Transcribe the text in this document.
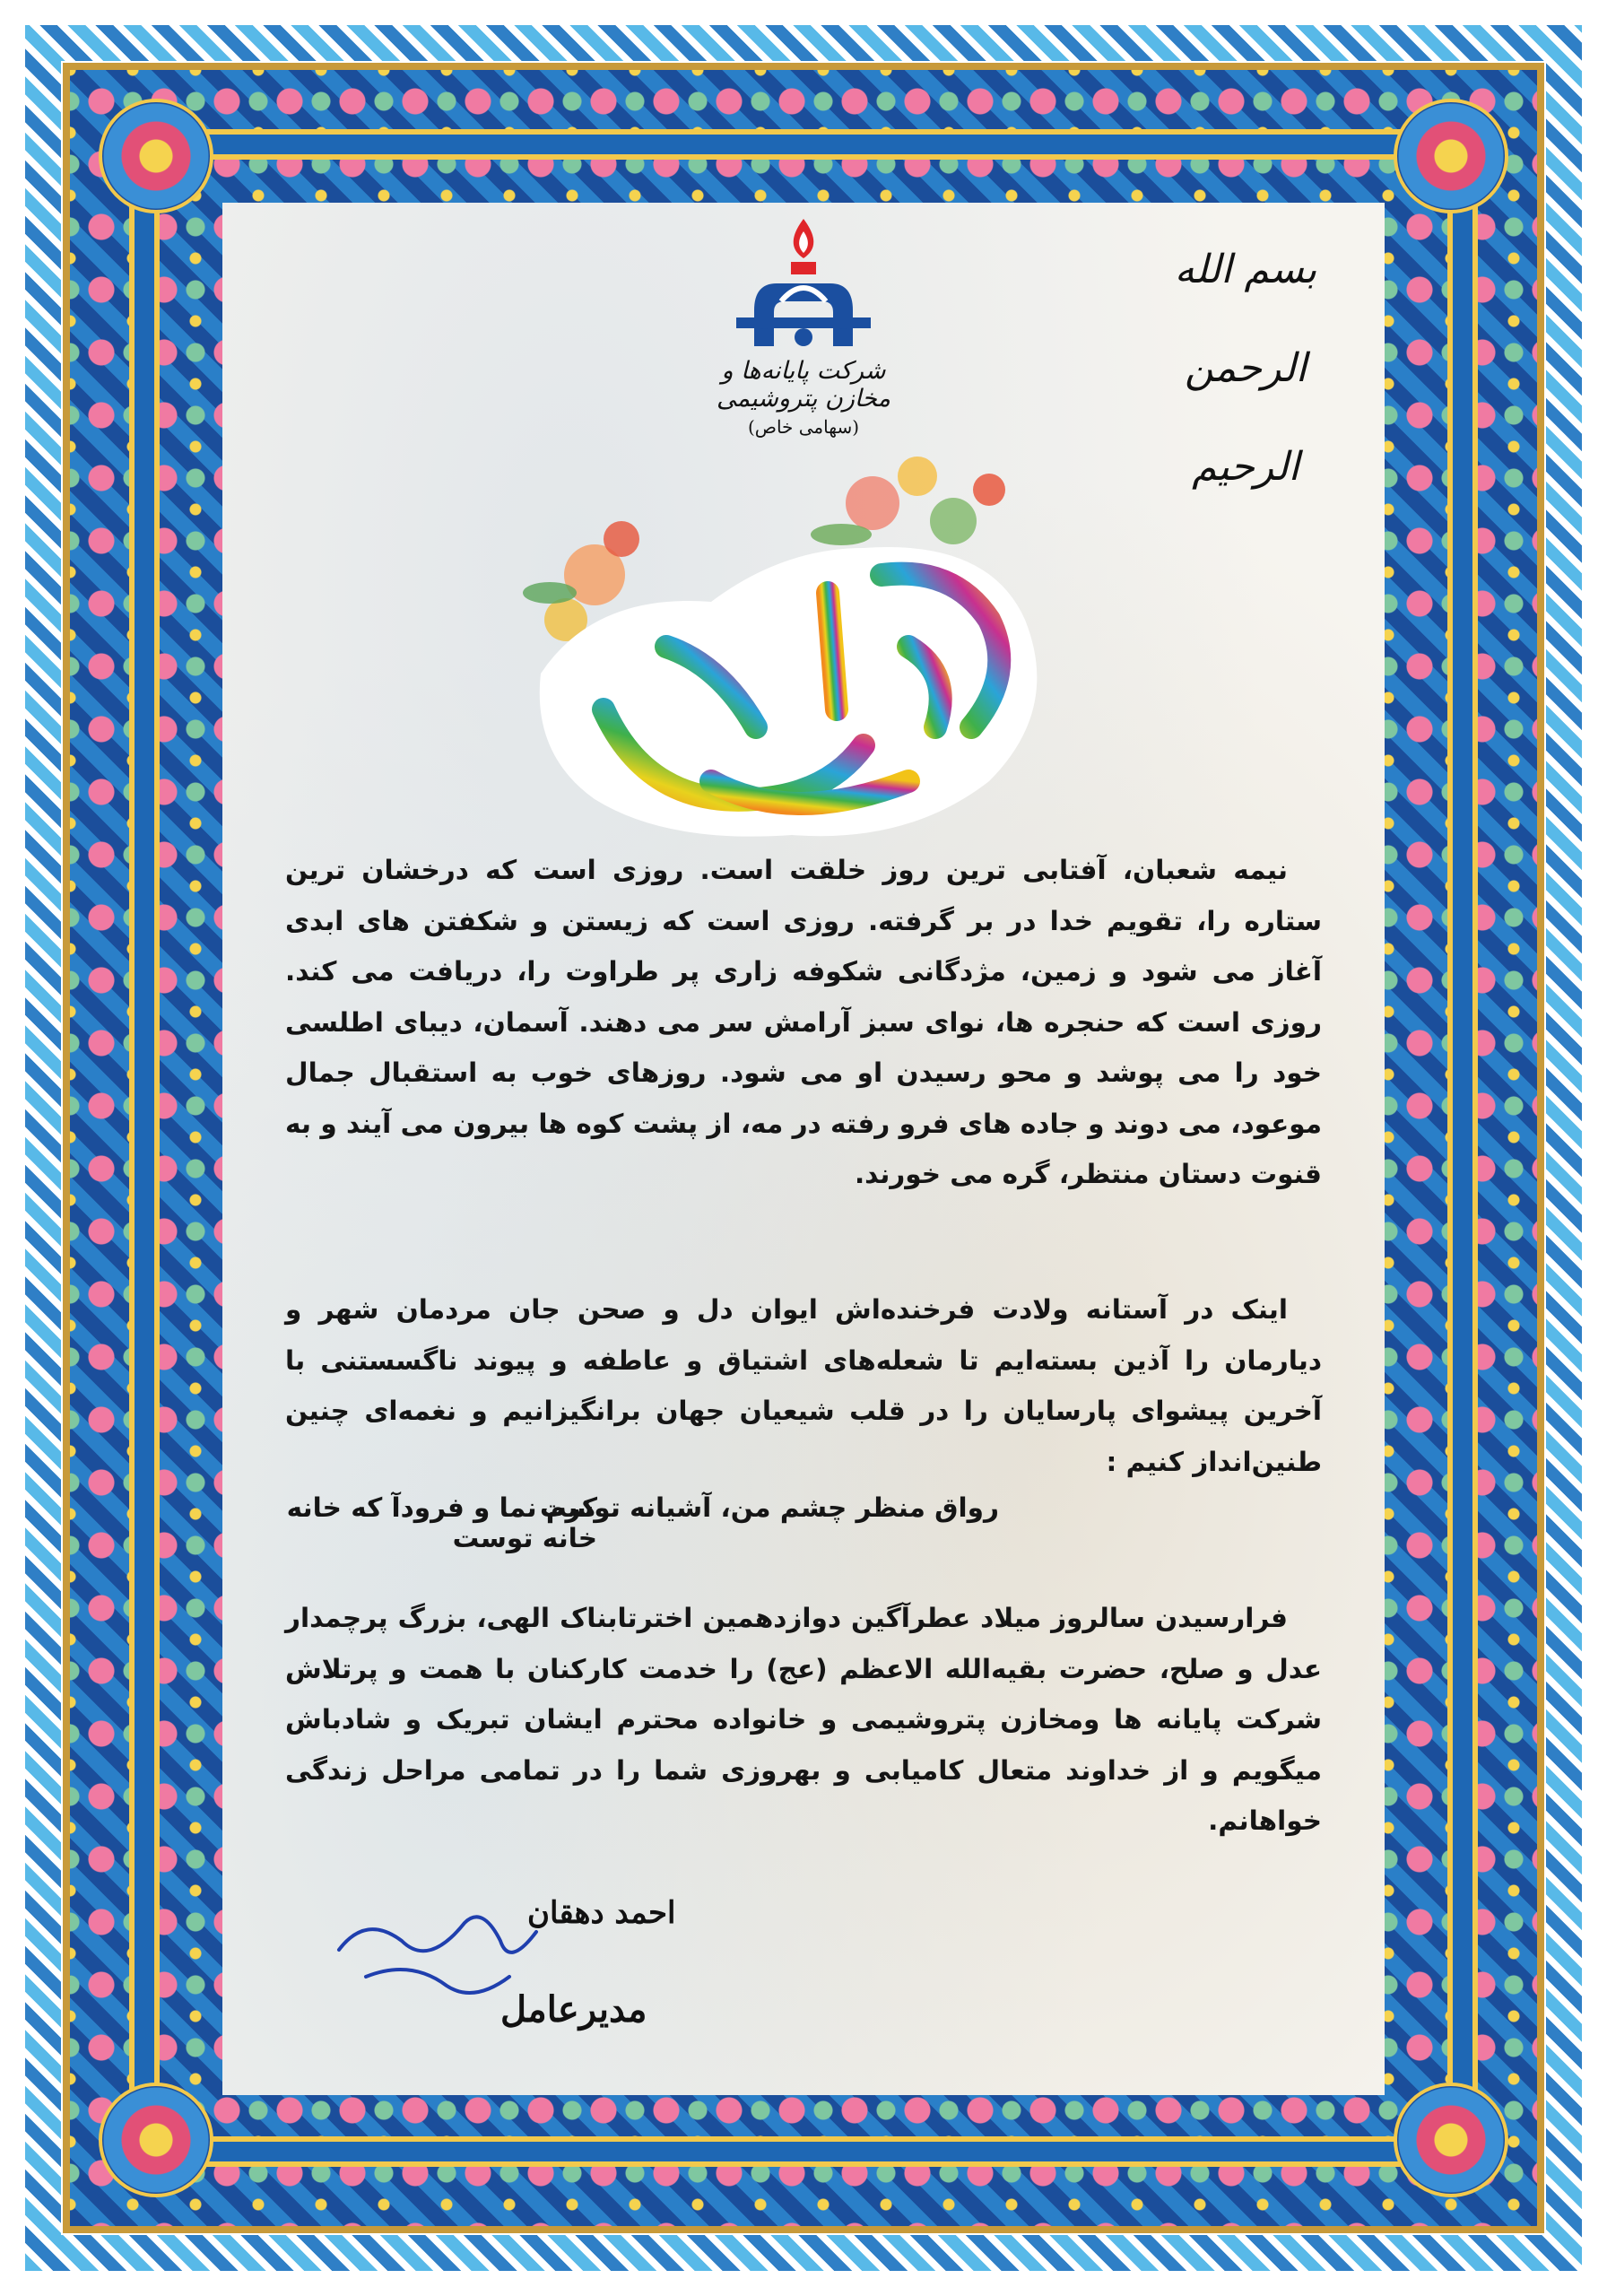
بسم الله الرحمن الرحیم
شرکت پایانه‌ها و مخازن پتروشیمی
(سهامی خاص)

نیمه شعبان، آفتابی ترین روز خلقت است. روزی است که درخشان ترین ستاره را، تقویم خدا در بر گرفته. روزی است که زیستن و شکفتن های ابدی آغاز می شود و زمین، مژدگانی شکوفه زاری پر طراوت را، دریافت می کند. روزی است که حنجره ها، نوای سبز آرامش سر می دهند. آسمان، دیبای اطلسی خود را می پوشد و محو رسیدن او می شود. روزهای خوب به استقبال جمال موعود، می دوند و جاده های فرو رفته در مه، از پشت کوه ها بیرون می آیند و به قنوت دستان منتظر، گره می خورند.

اینک در آستانه ولادت فرخنده‌اش ایوان دل و صحن جان مردمان شهر و دیارمان را آذین بسته‌ایم تا شعله‌های اشتیاق و عاطفه و پیوند ناگسستنی با آخرین پیشوای پارسایان را در قلب شیعیان جهان برانگیزانیم و نغمه‌ای چنین طنین‌انداز کنیم :

رواق منظر چشم من، آشیانه توست
کرم نما و فرودآ که خانه خانه توست

فرارسیدن سالروز میلاد عطرآگین دوازدهمین اخترتابناک الهی، بزرگ پرچمدار عدل و صلح، حضرت بقیه‌الله الاعظم (عج) را خدمت کارکنان با همت و پرتلاش شرکت پایانه ها ومخازن پتروشیمی و خانواده محترم ایشان تبریک و شادباش میگویم و از خداوند متعال کامیابی و بهروزی شما را در تمامی مراحل زندگی خواهانم.

احمد دهقان
مدیرعامل
